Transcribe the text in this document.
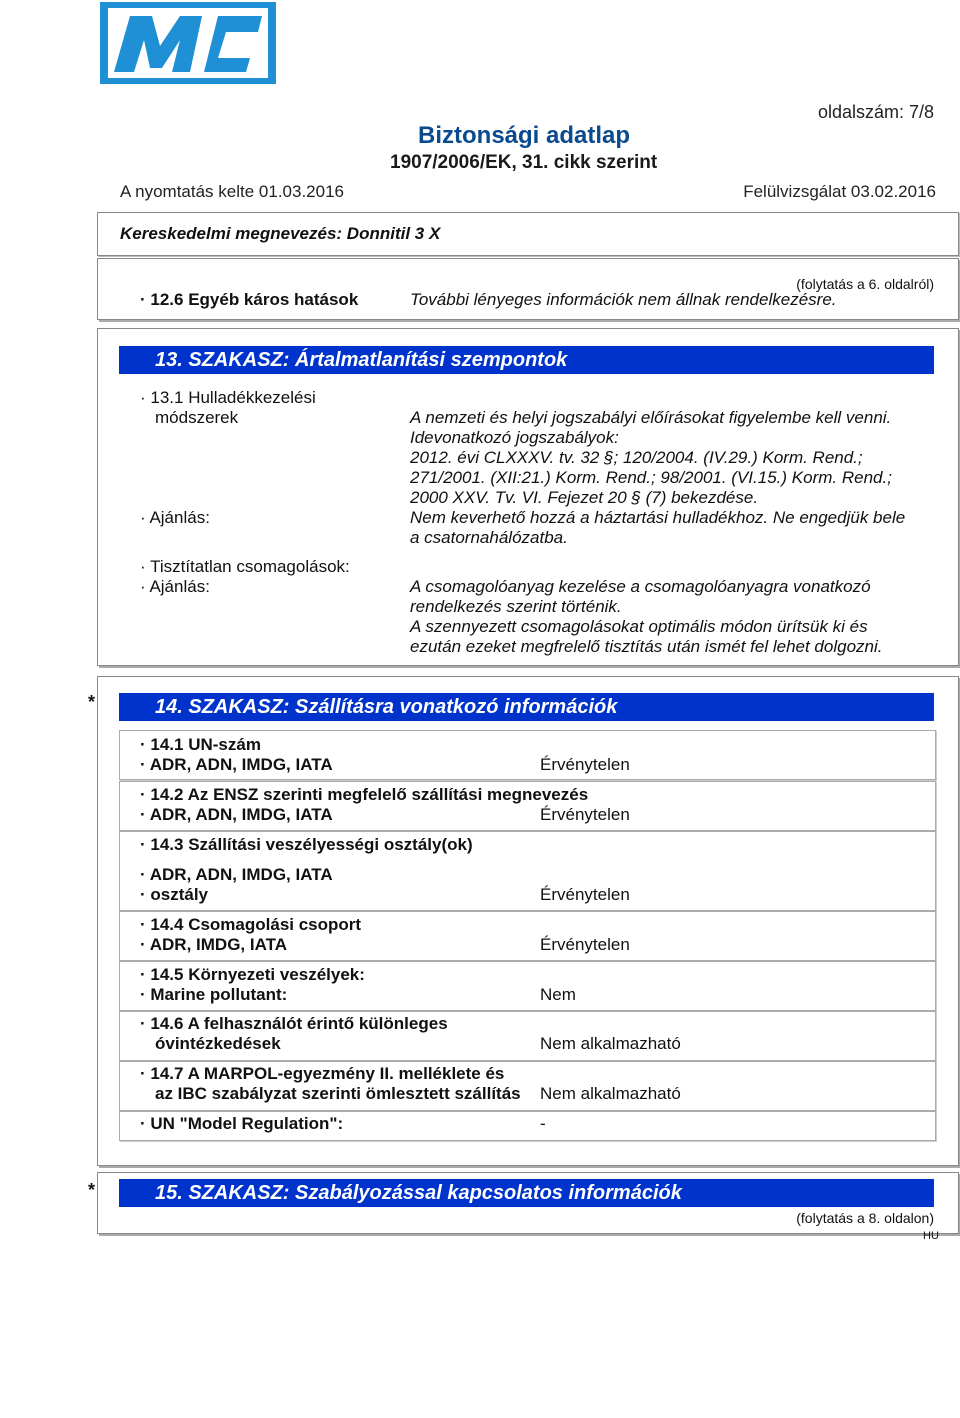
Biztonsági adatlap
1907/2006/EK, 31. cikk szerint
oldalszám: 7/8
A nyomtatás kelte 01.03.2016	Felülvizsgálat 03.02.2016
Kereskedelmi megnevezés: Donnitil 3 X
(folytatás a 6. oldalról)
· 12.6 Egyéb káros hatások	További lényeges információk nem állnak rendelkezésre.
13. SZAKASZ: Ártalmatlanítási szempontok
· 13.1 Hulladékkezelési
módszerek	A nemzeti és helyi jogszabályi előírásokat figyelembe kell venni.
Idevonatkozó jogszabályok:
2012. évi CLXXXV. tv. 32 §; 120/2004. (IV.29.) Korm. Rend.;
271/2001. (XII:21.) Korm. Rend.; 98/2001. (VI.15.) Korm. Rend.;
2000 XXV. Tv. VI. Fejezet 20 § (7) bekezdése.
· Ajánlás:	Nem keverhető hozzá a háztartási hulladékhoz. Ne engedjük bele
a csatornahálózatba.
· Tisztítatlan csomagolások:
· Ajánlás:	A csomagolóanyag kezelése a csomagolóanyagra vonatkozó
rendelkezés szerint történik.
A szennyezett csomagolásokat optimális módon ürítsük ki és
ezután ezeket megfrelelő tisztítás után ismét fel lehet dolgozni.
*	14. SZAKASZ: Szállításra vonatkozó információk
· 14.1 UN-szám
· ADR, ADN, IMDG, IATA	Érvénytelen
· 14.2 Az ENSZ szerinti megfelelő szállítási megnevezés
· ADR, ADN, IMDG, IATA	Érvénytelen
· 14.3 Szállítási veszélyességi osztály(ok)
· ADR, ADN, IMDG, IATA
· osztály	Érvénytelen
· 14.4 Csomagolási csoport
· ADR, IMDG, IATA	Érvénytelen
· 14.5 Környezeti veszélyek:
· Marine pollutant:	Nem
· 14.6 A felhasználót érintő különleges
óvintézkedések	Nem alkalmazható
· 14.7 A MARPOL-egyezmény II. melléklete és
az IBC szabályzat szerinti ömlesztett szállítás Nem alkalmazható
· UN "Model Regulation":	-
*	15. SZAKASZ: Szabályozással kapcsolatos információk
(folytatás a 8. oldalon)
HU
